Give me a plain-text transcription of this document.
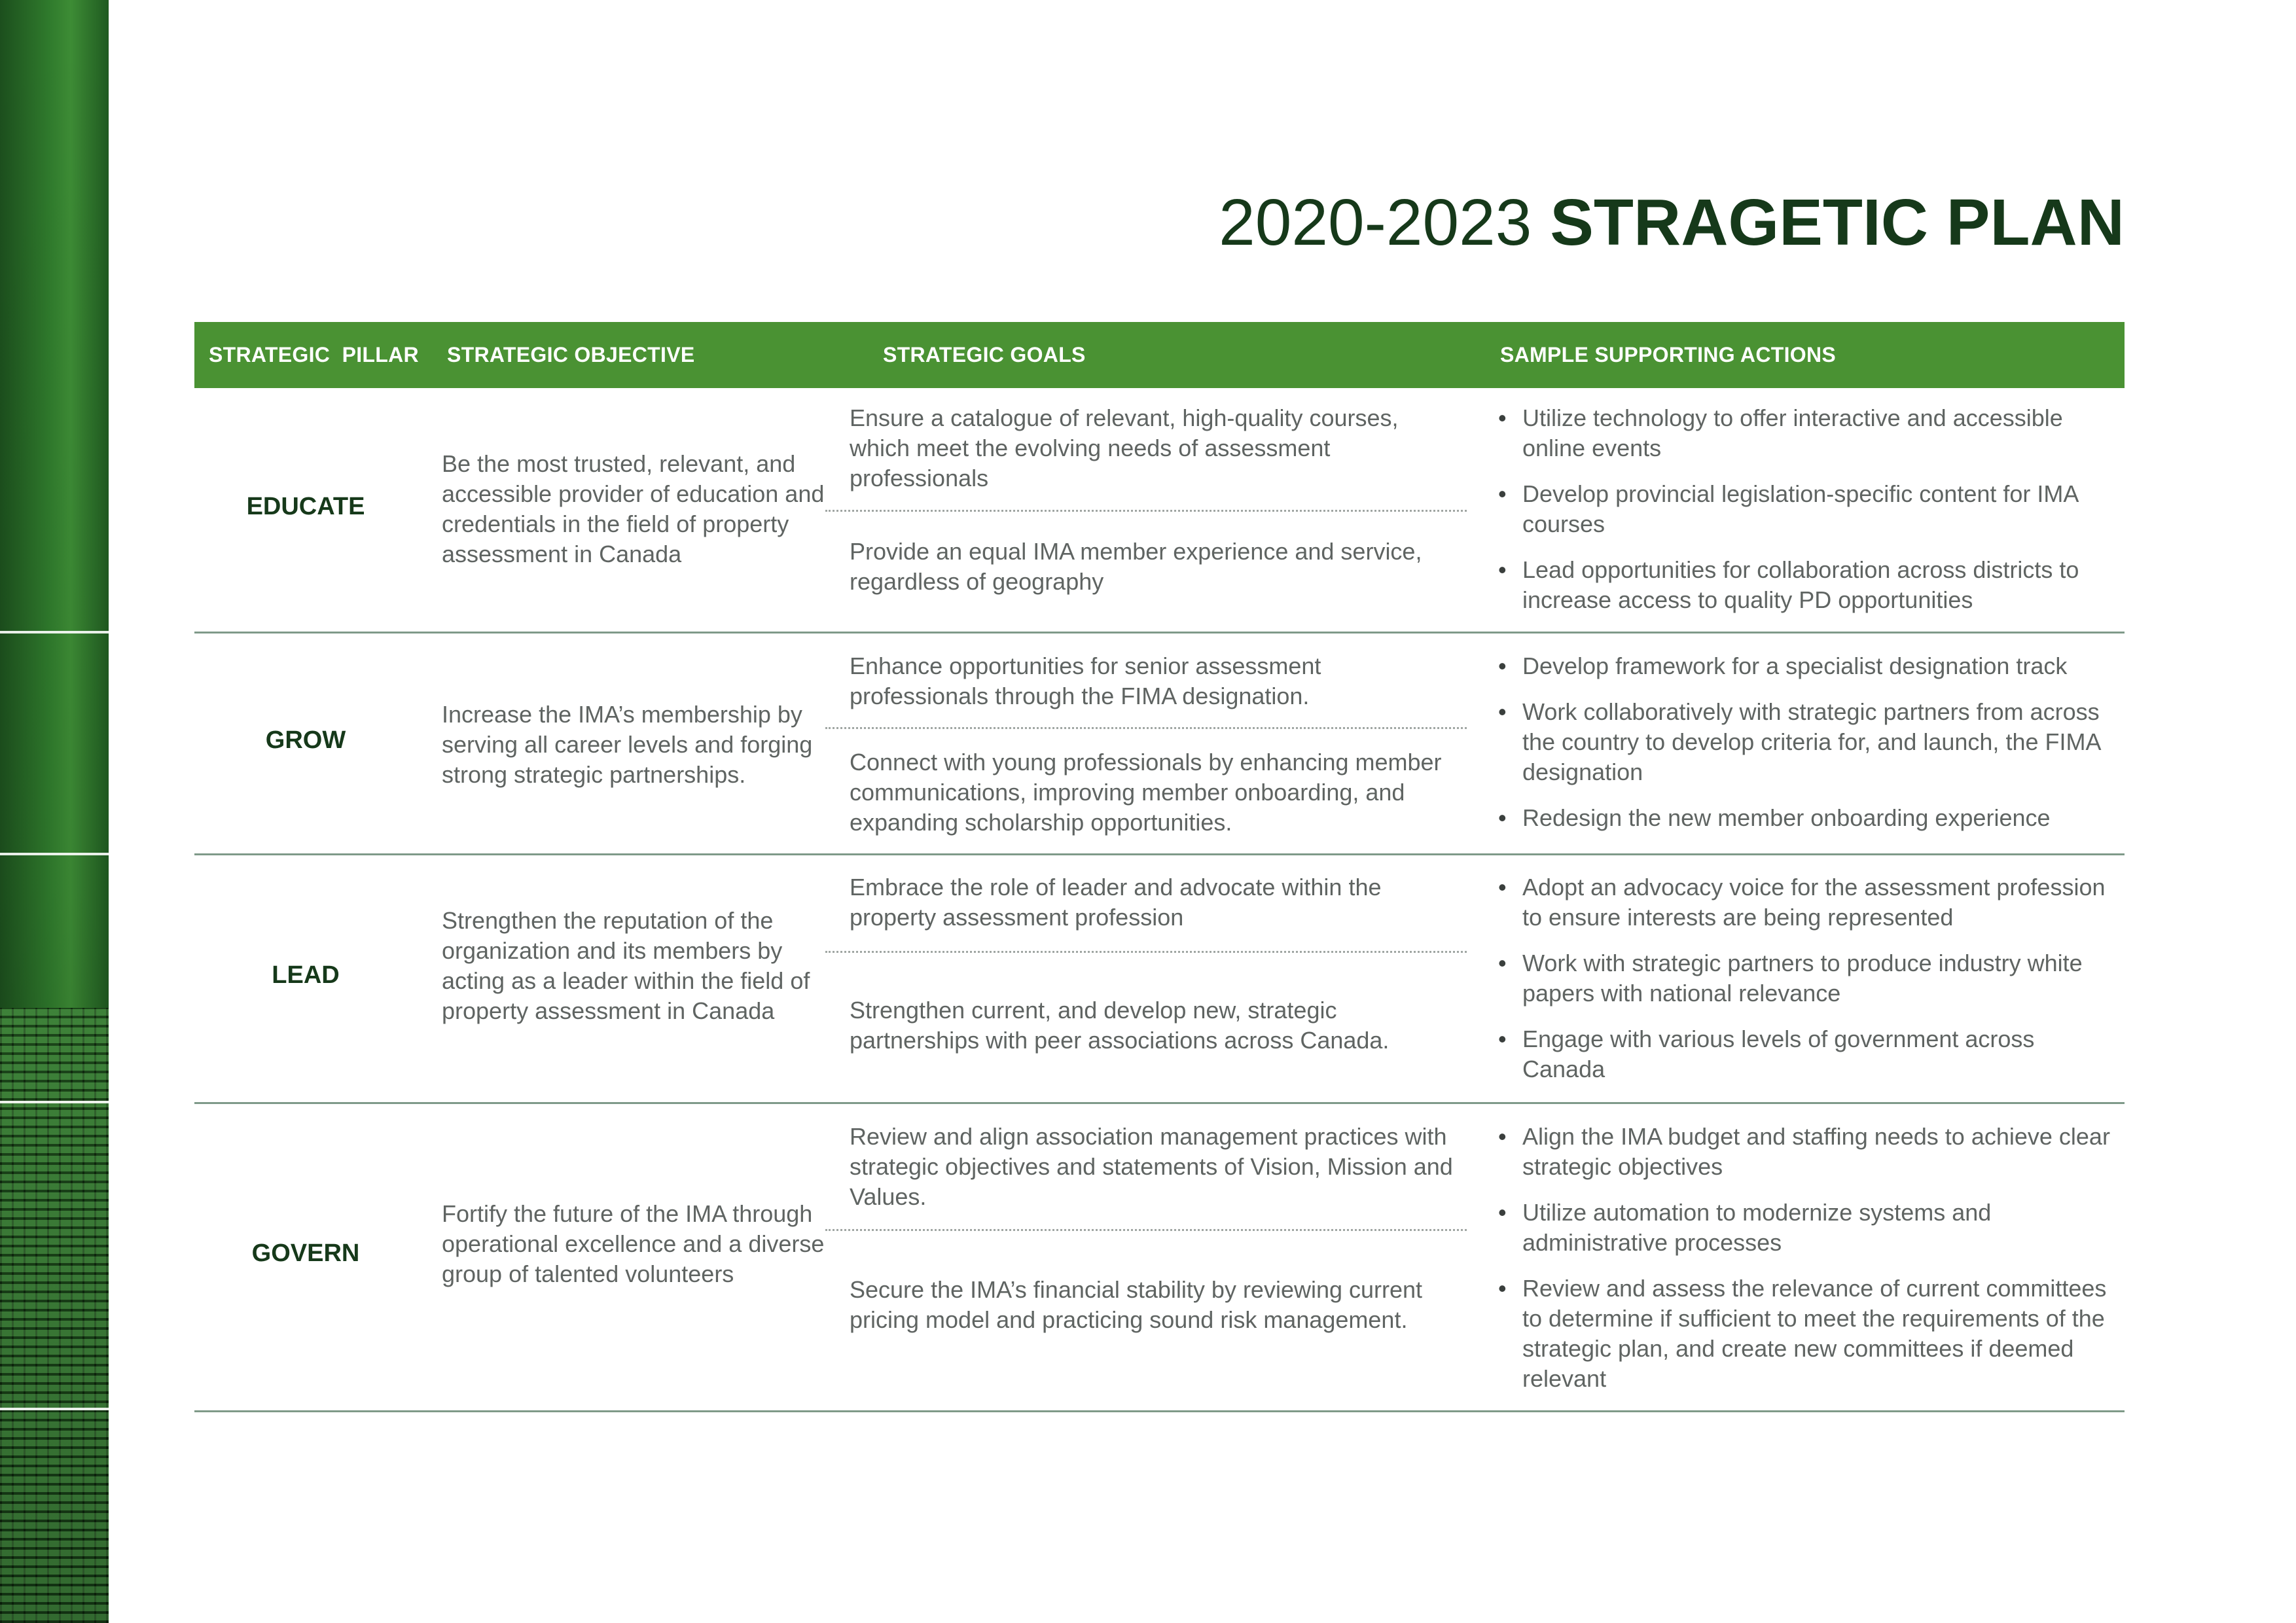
2020-2023 STRAGETIC PLAN
STRATEGIC  PILLAR STRATEGIC OBJECTIVE	STRATEGIC GOALS	SAMPLE SUPPORTING ACTIONS
EDUCATE
Be the most trusted, relevant, and accessible provider of education and credentials in the field of property assessment in Canada
Ensure a catalogue of relevant, high-quality courses, which meet the evolving needs of assessment professionals
Provide an equal IMA member experience and service, regardless of geography
• Utilize technology to offer interactive and accessible online events
• Develop provincial legislation-specific content for IMA courses
• Lead opportunities for collaboration across districts to increase access to quality PD opportunities
GROW
Increase the IMA’s membership by serving all career levels and forging strong strategic partnerships.
Enhance opportunities for senior assessment professionals through the FIMA designation.
Connect with young professionals by enhancing member communications, improving member onboarding, and expanding scholarship opportunities.
• Develop framework for a specialist designation track
• Work collaboratively with strategic partners from across the country to develop criteria for, and launch, the FIMA designation
• Redesign the new member onboarding experience
LEAD
Strengthen the reputation of the organization and its members by acting as a leader within the field of property assessment in Canada
Embrace the role of leader and advocate within the property assessment profession
Strengthen current, and develop new, strategic partnerships with peer associations across Canada.
• Adopt an advocacy voice for the assessment profession to ensure interests are being represented
• Work with strategic partners to produce industry white papers with national relevance
• Engage with various levels of government across Canada
GOVERN
Fortify the future of the IMA through operational excellence and a diverse group of talented volunteers
Review and align association management practices with strategic objectives and statements of Vision, Mission and Values.
Secure the IMA’s financial stability by reviewing current pricing model and practicing sound risk management.
• Align the IMA budget and staffing needs to achieve clear strategic objectives
• Utilize automation to modernize systems and administrative processes
• Review and assess the relevance of current committees to determine if sufficient to meet the requirements of the strategic plan, and create new committees if deemed relevant
